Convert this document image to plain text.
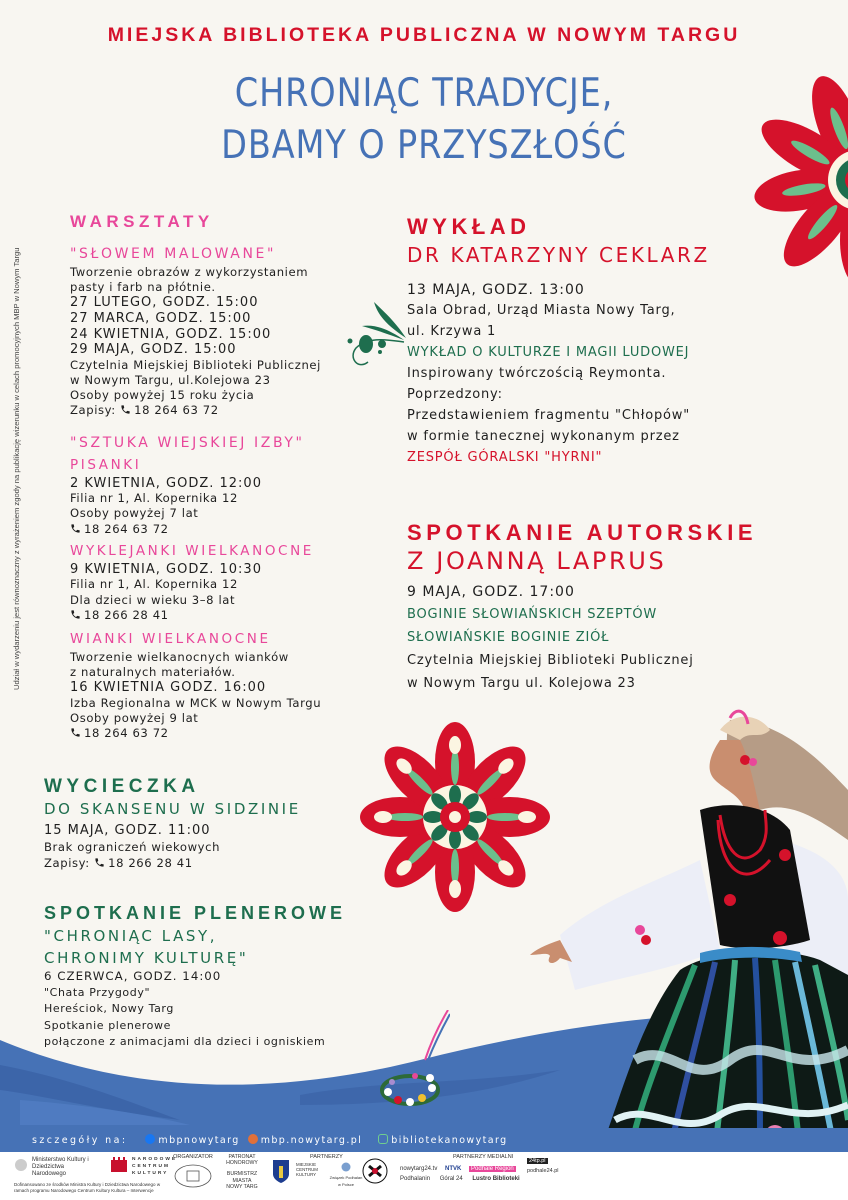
MIEJSKA BIBLIOTEKA PUBLICZNA W NOWYM TARGU
CHRONIĄC TRADYCJE,
DBAMY O PRZYSZŁOŚĆ
Udział w wydarzeniu jest równoznaczny z wyrażeniem zgody na publikację wizerunku w celach promocyjnych MBP w Nowym Targu
WARSZTATY
"SŁOWEM MALOWANE"
Tworzenie obrazów z wykorzystaniem
pasty i farb na płótnie.
27 LUTEGO, GODZ. 15:00
27 MARCA, GODZ. 15:00
24 KWIETNIA, GODZ. 15:00
29 MAJA, GODZ. 15:00
Czytelnia Miejskiej Biblioteki Publicznej
w Nowym Targu, ul.Kolejowa 23
Osoby powyżej 15 roku życia
Zapisy: 18 264 63 72
"SZTUKA WIEJSKIEJ IZBY"
PISANKI
2 KWIETNIA, GODZ. 12:00
Filia nr 1, Al. Kopernika 12
Osoby powyżej 7 lat
18 264 63 72
WYKLEJANKI WIELKANOCNE
9 KWIETNIA, GODZ. 10:30
Filia nr 1, Al. Kopernika 12
Dla dzieci w wieku 3–8 lat
18 266 28 41
WIANKI WIELKANOCNE
Tworzenie wielkanocnych wianków
z naturalnych materiałów.
16 KWIETNIA GODZ. 16:00
Izba Regionalna w MCK w Nowym Targu
Osoby powyżej 9 lat
18 264 63 72
WYCIECZKA
DO SKANSENU W SIDZINIE
15 MAJA, GODZ. 11:00
Brak ograniczeń wiekowych
Zapisy: 18 266 28 41
SPOTKANIE PLENEROWE
"CHRONIĄC LASY,
CHRONIMY KULTURĘ"
6 CZERWCA, GODZ. 14:00
"Chata Przygody"
Hereściok, Nowy Targ
Spotkanie plenerowe
połączone z animacjami dla dzieci i ogniskiem
WYKŁAD
DR KATARZYNY CEKLARZ
13 MAJA, GODZ. 13:00
Sala Obrad, Urząd Miasta Nowy Targ,
ul. Krzywa 1
WYKŁAD O KULTURZE I MAGII LUDOWEJ
Inspirowany twórczością Reymonta.
Poprzedzony:
Przedstawieniem fragmentu "Chłopów"
w formie tanecznej wykonanym przez
ZESPÓŁ GÓRALSKI "HYRNI"
SPOTKANIE AUTORSKIE
Z JOANNĄ LAPRUS
9 MAJA, GODZ. 17:00
BOGINIE SŁOWIAŃSKICH SZEPTÓW
SŁOWIAŃSKIE BOGINIE ZIÓŁ
Czytelnia Miejskiej Biblioteki Publicznej
w Nowym Targu ul. Kolejowa 23
szczegóły na:	mbpnowytarg	mbp.nowytarg.pl	bibliotekanowytarg
Ministerstwo Kultury i Dziedzictwa Narodowego
NARODOWE
CENTRUM
KULTURY
Dofinansowano ze środków Ministra Kultury i Dziedzictwa Narodowego w ramach programu Narodowego Centrum Kultury Kultura – Interwencje
ORGANIZATOR	PATRONAT
HONOROWY
BURMISTRZ
MIASTA
NOWY TARG
PARTNERZY
MIEJSKIE CENTRUM KULTURY
Związek Podhalan w Polsce
PARTNERZY MEDIALNI
nowytarg24.tv NTVK Podhale Region
Podhalanin Góral 24 Lustro Biblioteki
24tp.pl
podhale24.pl
